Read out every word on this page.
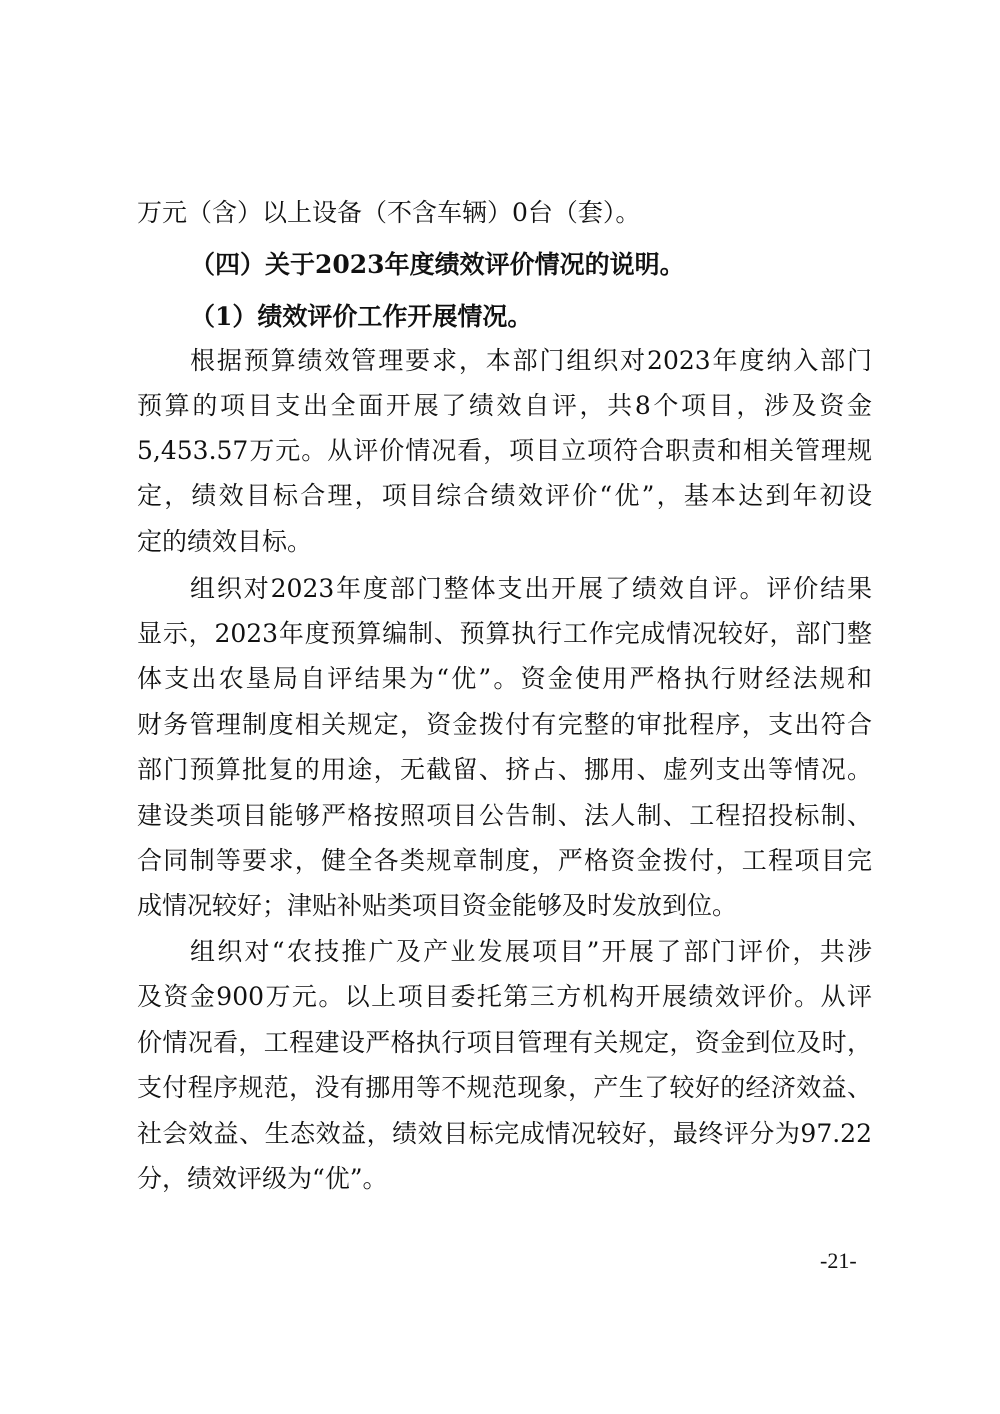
万元（含）以上设备（不含车辆）0台（套）。
（四）关于2023年度绩效评价情况的说明。
（1）绩效评价工作开展情况。
根据预算绩效管理要求，本部门组织对2023年度纳入部门
预算的项目支出全面开展了绩效自评，共8个项目，涉及资金
5,453.57万元。从评价情况看，项目立项符合职责和相关管理规
定，绩效目标合理，项目综合绩效评价“优”，基本达到年初设
定的绩效目标。
组织对2023年度部门整体支出开展了绩效自评。评价结果
显示，2023年度预算编制、预算执行工作完成情况较好，部门整
体支出农垦局自评结果为“优”。资金使用严格执行财经法规和
财务管理制度相关规定，资金拨付有完整的审批程序，支出符合
部门预算批复的用途，无截留、挤占、挪用、虚列支出等情况。
建设类项目能够严格按照项目公告制、法人制、工程招投标制、
合同制等要求，健全各类规章制度，严格资金拨付，工程项目完
成情况较好；津贴补贴类项目资金能够及时发放到位。
组织对“农技推广及产业发展项目”开展了部门评价，共涉
及资金900万元。以上项目委托第三方机构开展绩效评价。从评
价情况看，工程建设严格执行项目管理有关规定，资金到位及时，
支付程序规范，没有挪用等不规范现象，产生了较好的经济效益、
社会效益、生态效益，绩效目标完成情况较好，最终评分为97.22
分，绩效评级为“优”。
-21-
